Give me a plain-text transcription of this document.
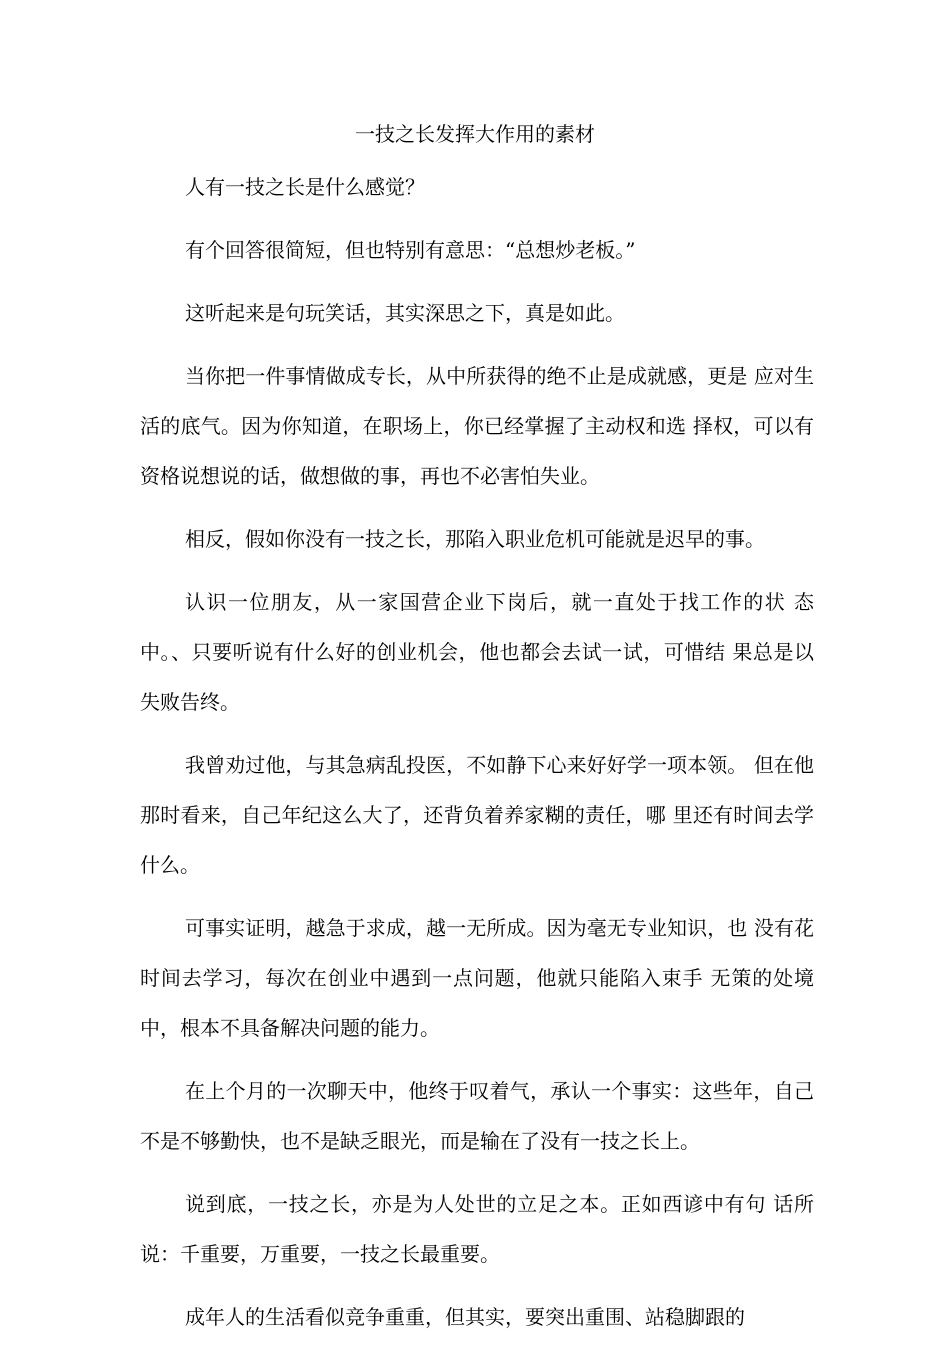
一技之长发挥大作用的素材

人有一技之长是什么感觉？

有个回答很简短，但也特别有意思：“总想炒老板。”

这听起来是句玩笑话，其实深思之下，真是如此。

当你把一件事情做成专长，从中所获得的绝不止是成就感，更是 应对生活的底气。因为你知道，在职场上，你已经掌握了主动权和选 择权，可以有资格说想说的话，做想做的事，再也不必害怕失业。

相反，假如你没有一技之长，那陷入职业危机可能就是迟早的事。

认识一位朋友，从一家国营企业下岗后，就一直处于找工作的状 态中。、只要听说有什么好的创业机会，他也都会去试一试，可惜结 果总是以失败告终。

我曾劝过他，与其急病乱投医，不如静下心来好好学一项本领。 但在他那时看来，自己年纪这么大了，还背负着养家糊的责任，哪 里还有时间去学什么。

可事实证明，越急于求成，越一无所成。因为毫无专业知识，也 没有花时间去学习，每次在创业中遇到一点问题，他就只能陷入束手 无策的处境中，根本不具备解决问题的能力。

在上个月的一次聊天中，他终于叹着气，承认一个事实：这些年，自己不是不够勤快，也不是缺乏眼光，而是输在了没有一技之长上。

说到底，一技之长，亦是为人处世的立足之本。正如西谚中有句 话所说：千重要，万重要，一技之长最重要。

成年人的生活看似竞争重重，但其实，要突出重围、站稳脚跟的
